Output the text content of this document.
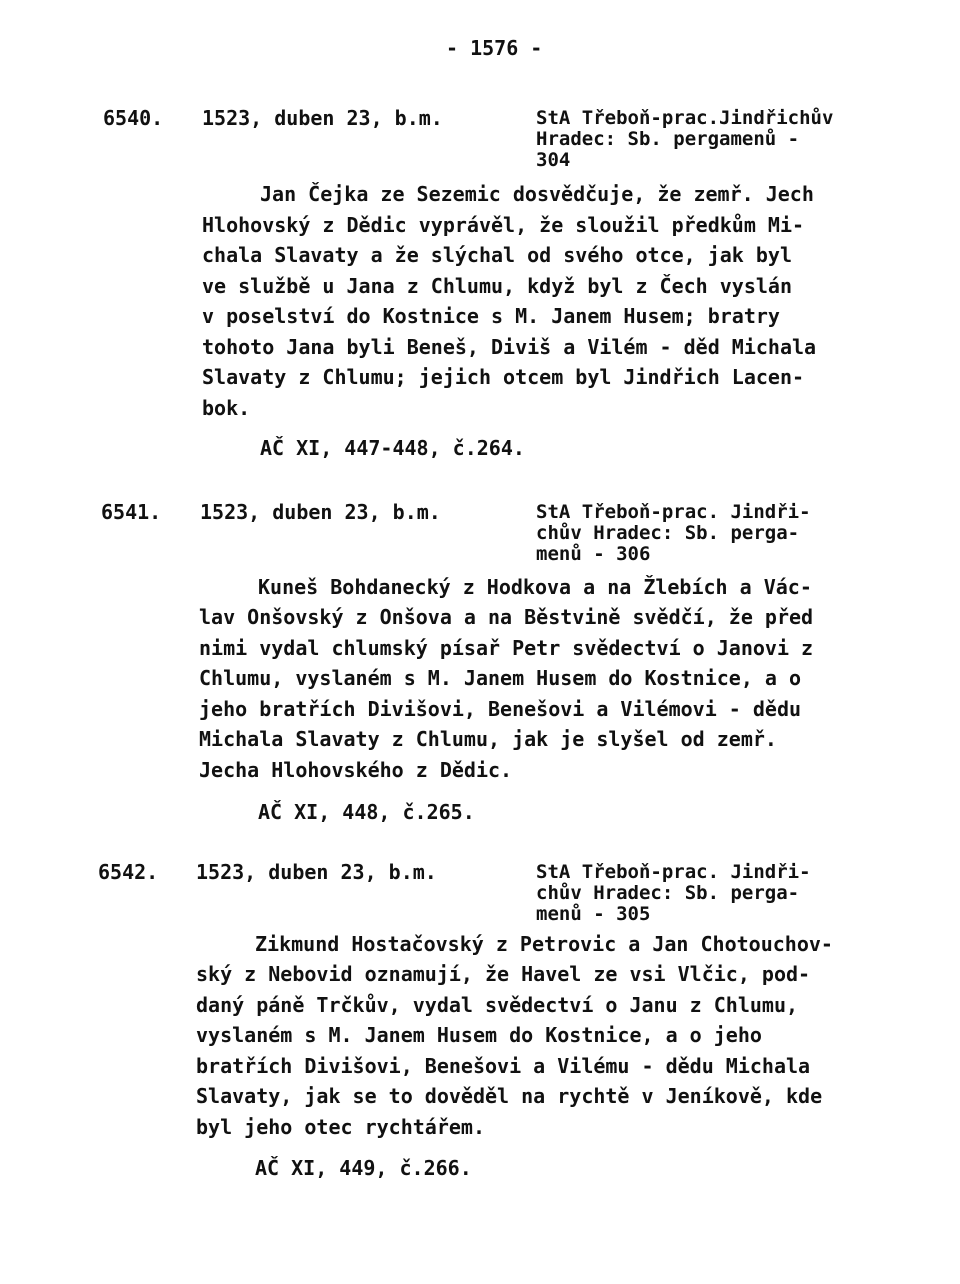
- 1576 -
6540. 1523, duben 23, b.m.	StA Třeboň-prac.Jindřichův
Hradec: Sb. pergamenů -
304
Jan Čejka ze Sezemic dosvědčuje, že zemř. Jech
Hlohovský z Dědic vyprávěl, že sloužil předkům Mi-
chala Slavaty a že slýchal od svého otce, jak byl
ve službě u Jana z Chlumu, když byl z Čech vyslán
v poselství do Kostnice s M. Janem Husem; bratry
tohoto Jana byli Beneš, Diviš a Vilém - děd Michala
Slavaty z Chlumu; jejich otcem byl Jindřich Lacen-
bok.
AČ XI, 447-448, č.264.
6541. 1523, duben 23, b.m.	StA Třeboň-prac. Jindři-
chův Hradec: Sb. perga-
menů - 306
Kuneš Bohdanecký z Hodkova a na Žlebích a Vác-
lav Onšovský z Onšova a na Běstvině svědčí, že před
nimi vydal chlumský písař Petr svědectví o Janovi z
Chlumu, vyslaném s M. Janem Husem do Kostnice, a o
jeho bratřích Divišovi, Benešovi a Vilémovi - dědu
Michala Slavaty z Chlumu, jak je slyšel od zemř.
Jecha Hlohovského z Dědic.
AČ XI, 448, č.265.
6542. 1523, duben 23, b.m.	StA Třeboň-prac. Jindři-
chův Hradec: Sb. perga-
menů - 305
Zikmund Hostačovský z Petrovic a Jan Chotouchov-
ský z Nebovid oznamují, že Havel ze vsi Vlčic, pod-
daný páně Trčkův, vydal svědectví o Janu z Chlumu,
vyslaném s M. Janem Husem do Kostnice, a o jeho
bratřích Divišovi, Benešovi a Vilému - dědu Michala
Slavaty, jak se to dověděl na rychtě v Jeníkově, kde
byl jeho otec rychtářem.
AČ XI, 449, č.266.
